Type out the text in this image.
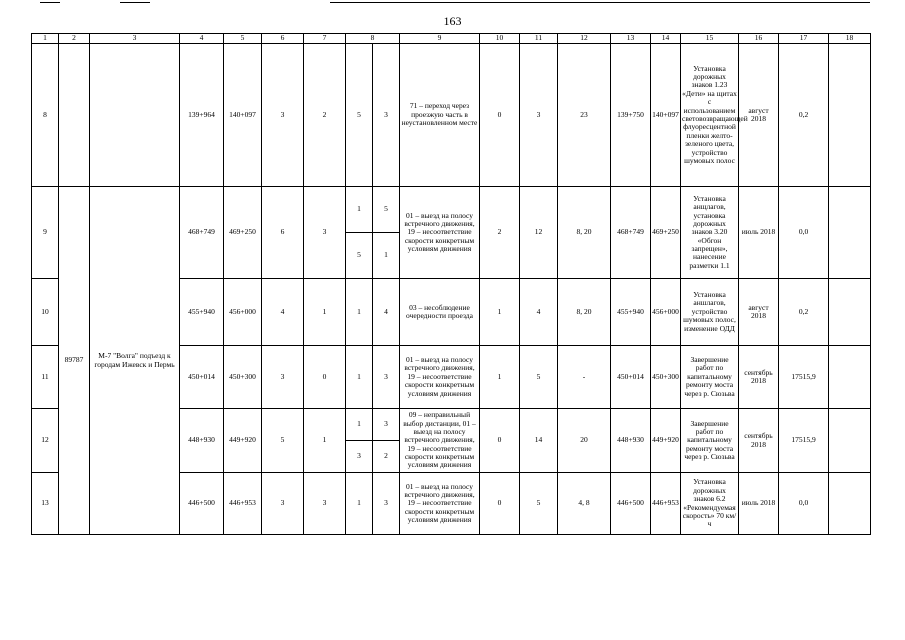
163
1	2	3	4	5	6	7	8		9	10	11	12	13	14	15	16	17	18
8			139+964	140+097	3	2	5	3	71 – переход через проезжую часть в неустановленном месте	0	3	23	139+750	140+097	Установка дорожных знаков 1.23 «Дети» на щитах с использованием световозвращающей флуоресцентной пленки желто-зеленого цвета, устройство шумовых полос	август 2018	0,2	
9	89787	М-7 "Волга" подъезд к городам Ижевск и Пермь	468+749	469+250	6	3	1	5	01 – выезд на полосу встречного движения, 19 – несоответствие скорости конкретным условиям движения	2	12	8, 20	468+749	469+250	Установка анщлагов, установка дорожных знаков 3.20 «Обгон запрещен», нанесение разметки 1.1	июль 2018	0,0	
							5	1										
10			455+940	456+000	4	1	1	4	03 – несоблюдение очередности проезда	1	4	8, 20	455+940	456+000	Установка аншлагов, устройство шумовых полос, изменение ОДД	август 2018	0,2	
11			450+014	450+300	3	0	1	3	01 – выезд на полосу встречного движения, 19 – несоответствие скорости конкретным условиям движения	1	5	-	450+014	450+300	Завершение работ по капитальному ремонту моста через р. Сюзьва	сентябрь 2018	17515,9	
12			448+930	449+920	5	1	1	3	09 – неправильный выбор дистанции, 01 – выезд на полосу встречного движения, 19 – несоответствие скорости конкретным условиям движения	0	14	20	448+930	449+920	Завершение работ по капитальному ремонту моста через р. Сюзьва	сентябрь 2018	17515,9	
							3	2										
13			446+500	446+953	3	3	1	3	01 – выезд на полосу встречного движения, 19 – несоответствие скорости конкретным условиям движения	0	5	4, 8	446+500	446+953	Установка дорожных знаков 6.2 «Рекомендуемая скорость» 70 км/ч	июль 2018	0,0	
